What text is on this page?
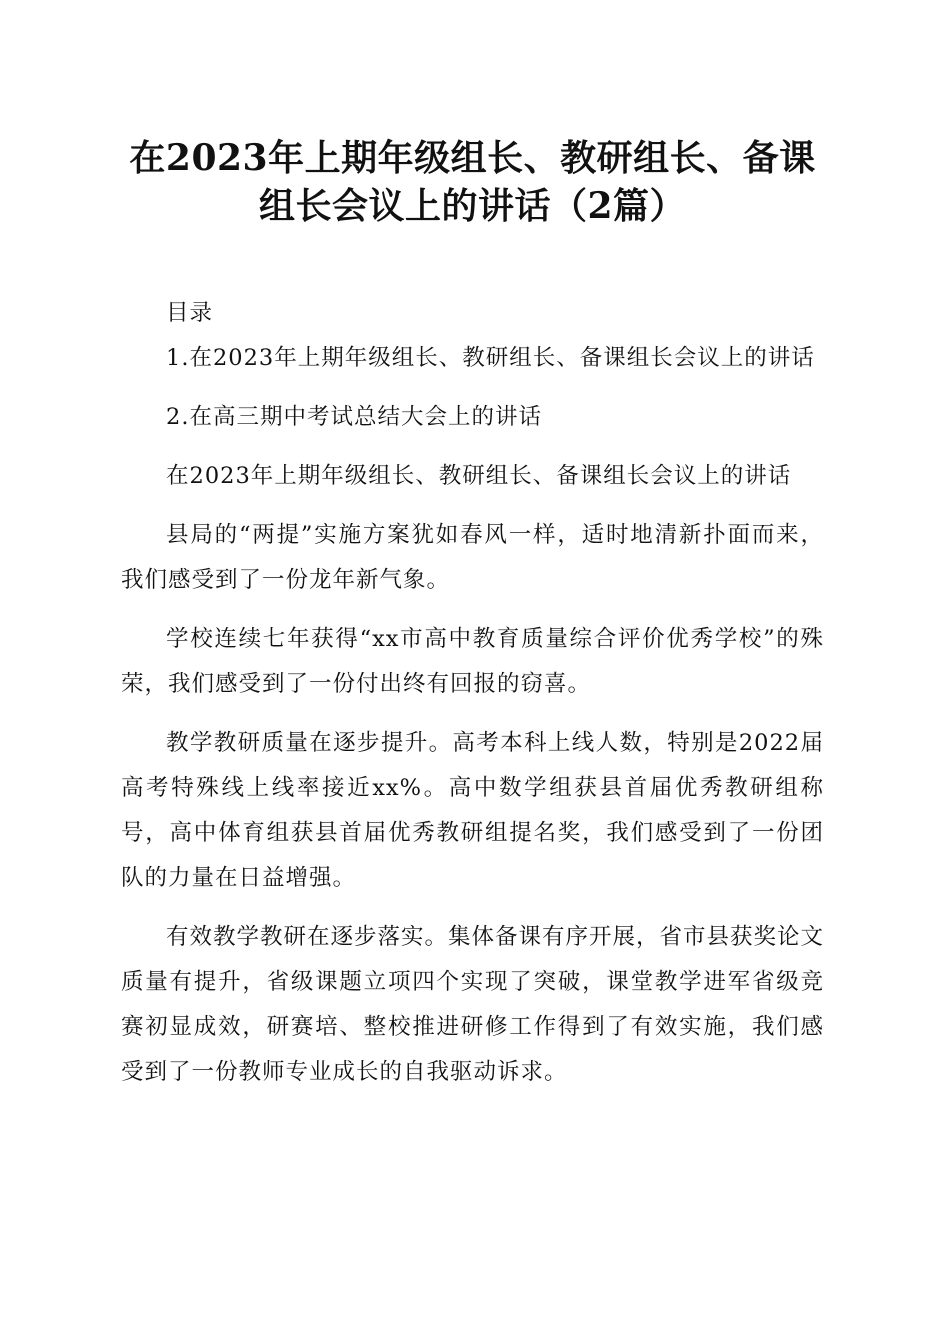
在2023年上期年级组长、教研组长、备课组长会议上的讲话（2篇）

目录

1.在2023年上期年级组长、教研组长、备课组长会议上的讲话

2.在高三期中考试总结大会上的讲话

在2023年上期年级组长、教研组长、备课组长会议上的讲话

县局的“两提”实施方案犹如春风一样，适时地清新扑面而来，我们感受到了一份龙年新气象。

学校连续七年获得“xx市高中教育质量综合评价优秀学校”的殊荣，我们感受到了一份付出终有回报的窃喜。

教学教研质量在逐步提升。高考本科上线人数，特别是2022届高考特殊线上线率接近xx%。高中数学组获县首届优秀教研组称号，高中体育组获县首届优秀教研组提名奖，我们感受到了一份团队的力量在日益增强。

有效教学教研在逐步落实。集体备课有序开展，省市县获奖论文质量有提升，省级课题立项四个实现了突破，课堂教学进军省级竞赛初显成效，研赛培、整校推进研修工作得到了有效实施，我们感受到了一份教师专业成长的自我驱动诉求。
